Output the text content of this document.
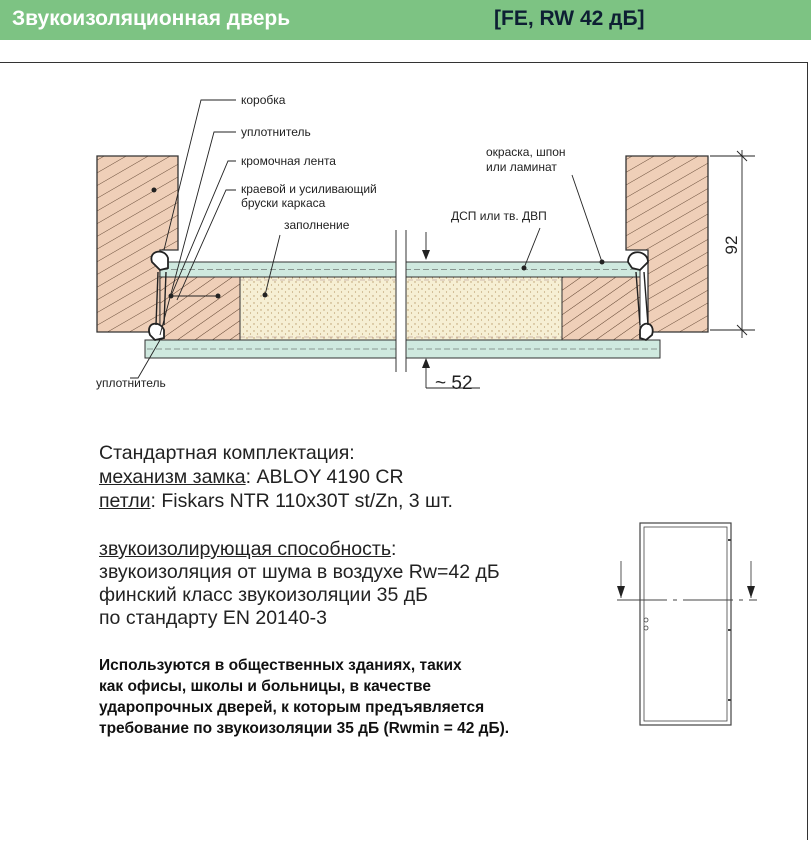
Звукоизоляционная дверь	[FE, RW 42 дБ]
коробка
уплотнитель
кромочная лента
краевой и усиливающий
бруски каркаса
заполнение
окраска, шпон
или ламинат
ДСП или тв. ДВП
уплотнитель
92
~ 52
Стандартная комплектация:
механизм замка: ABLOY 4190 CR
петли: Fiskars NTR 110x30T st/Zn, 3 шт.
звукоизолирующая способность:
звукоизоляция от шума в воздухе Rw=42 дБ
финский класс звукоизоляции 35 дБ
по стандарту EN 20140-3
Используются в общественных зданиях, таких
как офисы, школы и больницы, в качестве
ударопрочных дверей, к которым предъявляется
требование по звукоизоляции 35 дБ (Rwmin = 42 дБ).
